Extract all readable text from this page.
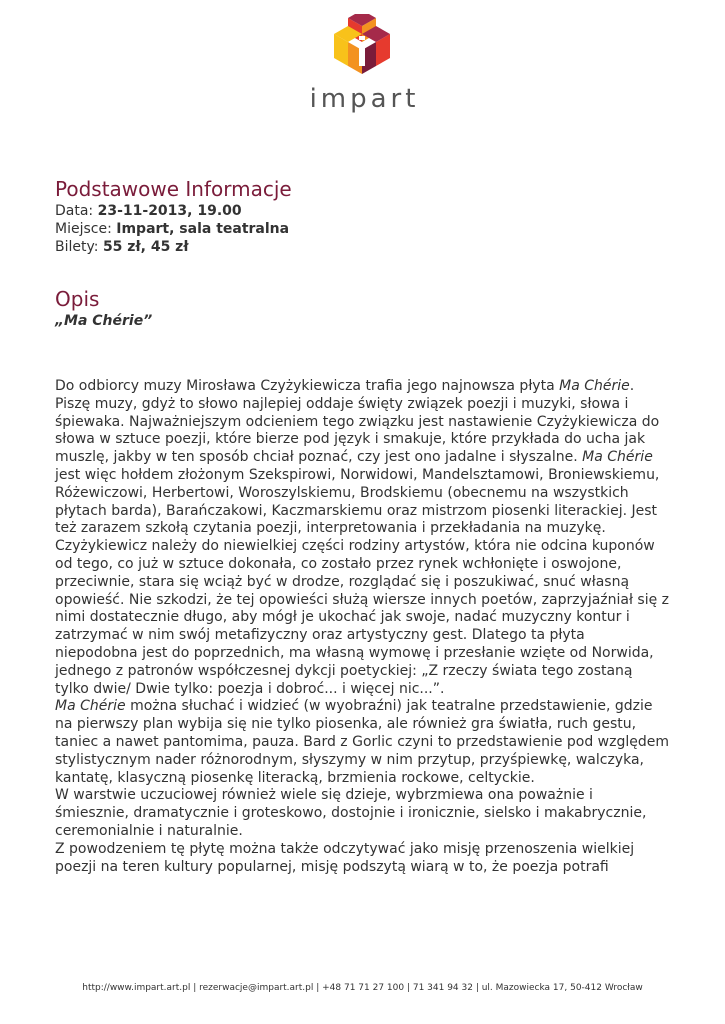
impart
Podstawowe Informacje

Data: 23-11-2013, 19.00

Miejsce: Impart, sala teatralna

Bilety: 55 zł, 45 zł

Opis

„Ma Chérie”

Do odbiorcy muzy Mirosława Czyżykiewicza trafia jego najnowsza płyta Ma Chérie. Piszę muzy, gdyż to słowo najlepiej oddaje święty związek poezji i muzyki, słowa i śpiewaka. Najważniejszym odcieniem tego związku jest nastawienie Czyżykiewicza do słowa w sztuce poezji, które bierze pod język i smakuje, które przykłada do ucha jak muszlę, jakby w ten sposób chciał poznać, czy jest ono jadalne i słyszalne. Ma Chérie jest więc hołdem złożonym Szekspirowi, Norwidowi, Mandelsztamowi, Broniewskiemu, Różewiczowi, Herbertowi, Woroszylskiemu, Brodskiemu (obecnemu na wszystkich płytach barda), Barańczakowi, Kaczmarskiemu oraz mistrzom piosenki literackiej. Jest też zarazem szkołą czytania poezji, interpretowania i przekładania na muzykę.

Czyżykiewicz należy do niewielkiej części rodziny artystów, która nie odcina kuponów od tego, co już w sztuce dokonała, co zostało przez rynek wchłonięte i oswojone, przeciwnie, stara się wciąż być w drodze, rozglądać się i poszukiwać, snuć własną opowieść. Nie szkodzi, że tej opowieści służą wiersze innych poetów, zaprzyjaźniał się z nimi dostatecznie długo, aby mógł je ukochać jak swoje, nadać muzyczny kontur i zatrzymać w nim swój metafizyczny oraz artystyczny gest. Dlatego ta płyta niepodobna jest do poprzednich, ma własną wymowę i przesłanie wzięte od Norwida, jednego z patronów współczesnej dykcji poetyckiej: „Z rzeczy świata tego zostaną tylko dwie/ Dwie tylko: poezja i dobroć... i więcej nic...”.

Ma Chérie można słuchać i widzieć (w wyobraźni) jak teatralne przedstawienie, gdzie na pierwszy plan wybija się nie tylko piosenka, ale również gra światła, ruch gestu, taniec a nawet pantomima, pauza. Bard z Gorlic czyni to przedstawienie pod względem stylistycznym nader różnorodnym, słyszymy w nim przytup, przyśpiewkę, walczyka, kantatę, klasyczną piosenkę literacką, brzmienia rockowe, celtyckie.

W warstwie uczuciowej również wiele się dzieje, wybrzmiewa ona poważnie i śmiesznie, dramatycznie i groteskowo, dostojnie i ironicznie, sielsko i makabrycznie, ceremonialnie i naturalnie.

Z powodzeniem tę płytę można także odczytywać jako misję przenoszenia wielkiej poezji na teren kultury popularnej, misję podszytą wiarą w to, że poezja potrafi

http://www.impart.art.pl | rezerwacje@impart.art.pl | +48 71 71 27 100 | 71 341 94 32 | ul. Mazowiecka 17, 50-412 Wrocław
